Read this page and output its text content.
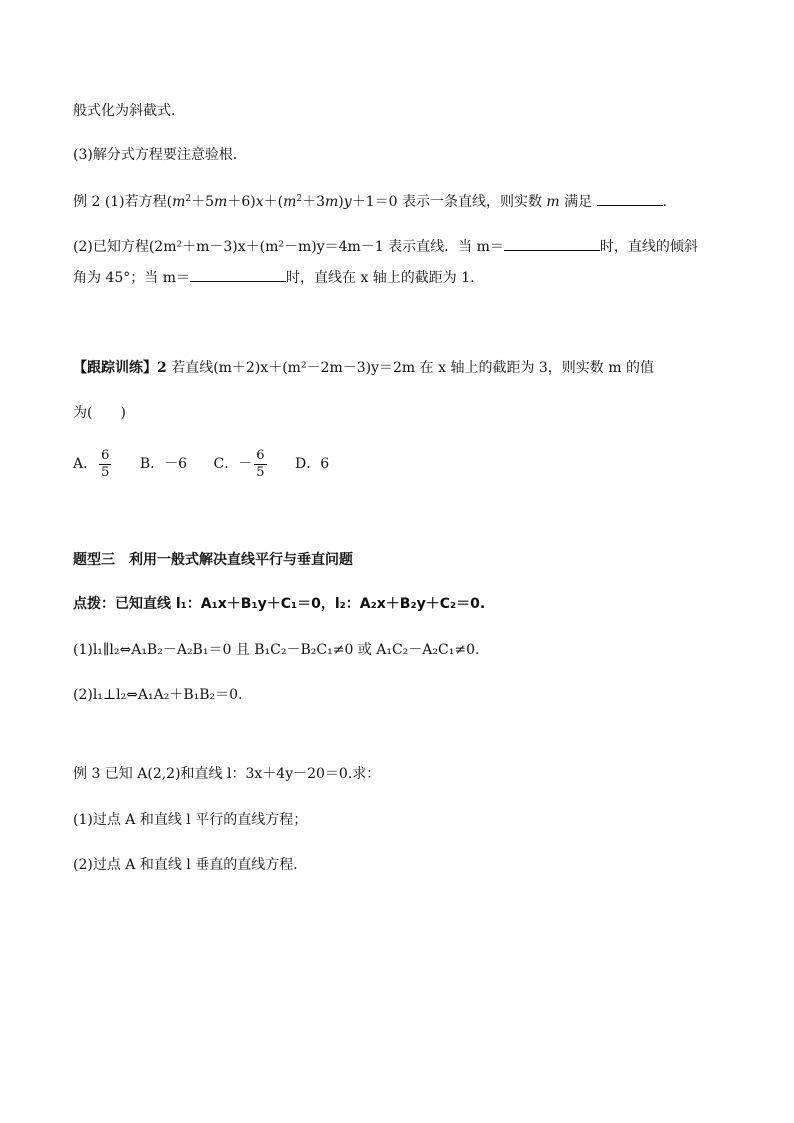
般式化为斜截式．
(3)解分式方程要注意验根．
例 2 (1)若方程$(m^2+5m+6)x+(m^2+3m)y+1=0$ 表示一条直线，则实数 m 满足	．
(2)已知方程(2m²＋m－3)x＋(m²－m)y＝4m－1 表示直线．当 m＝	时，直线的倾斜
角为 45°；当 m＝	时，直线在 x 轴上的截距为 1.
【跟踪训练】2 若直线(m＋2)x＋(m²－2m－3)y＝2m 在 x 轴上的截距为 3，则实数 m 的值
为(　　)
A． $\frac{6}{5}$
B． －6
C． － $\frac{6}{5}$
D． 6
题型三　利用一般式解决直线平行与垂直问题
点拨：已知直线 l₁：A₁x＋B₁y＋C₁＝0，l₂：A₂x＋B₂y＋C₂＝0.
(1)l₁∥l₂⇔A₁B₂－A₂B₁＝0 且 B₁C₂－B₂C₁≠0 或 A₁C₂－A₂C₁≠0.
(2)l₁⊥l₂⇔A₁A₂＋B₁B₂＝0.
例 3 已知 A(2,2)和直线 l：3x＋4y－20＝0.求：
(1)过点 A 和直线 l 平行的直线方程；
(2)过点 A 和直线 l 垂直的直线方程．
